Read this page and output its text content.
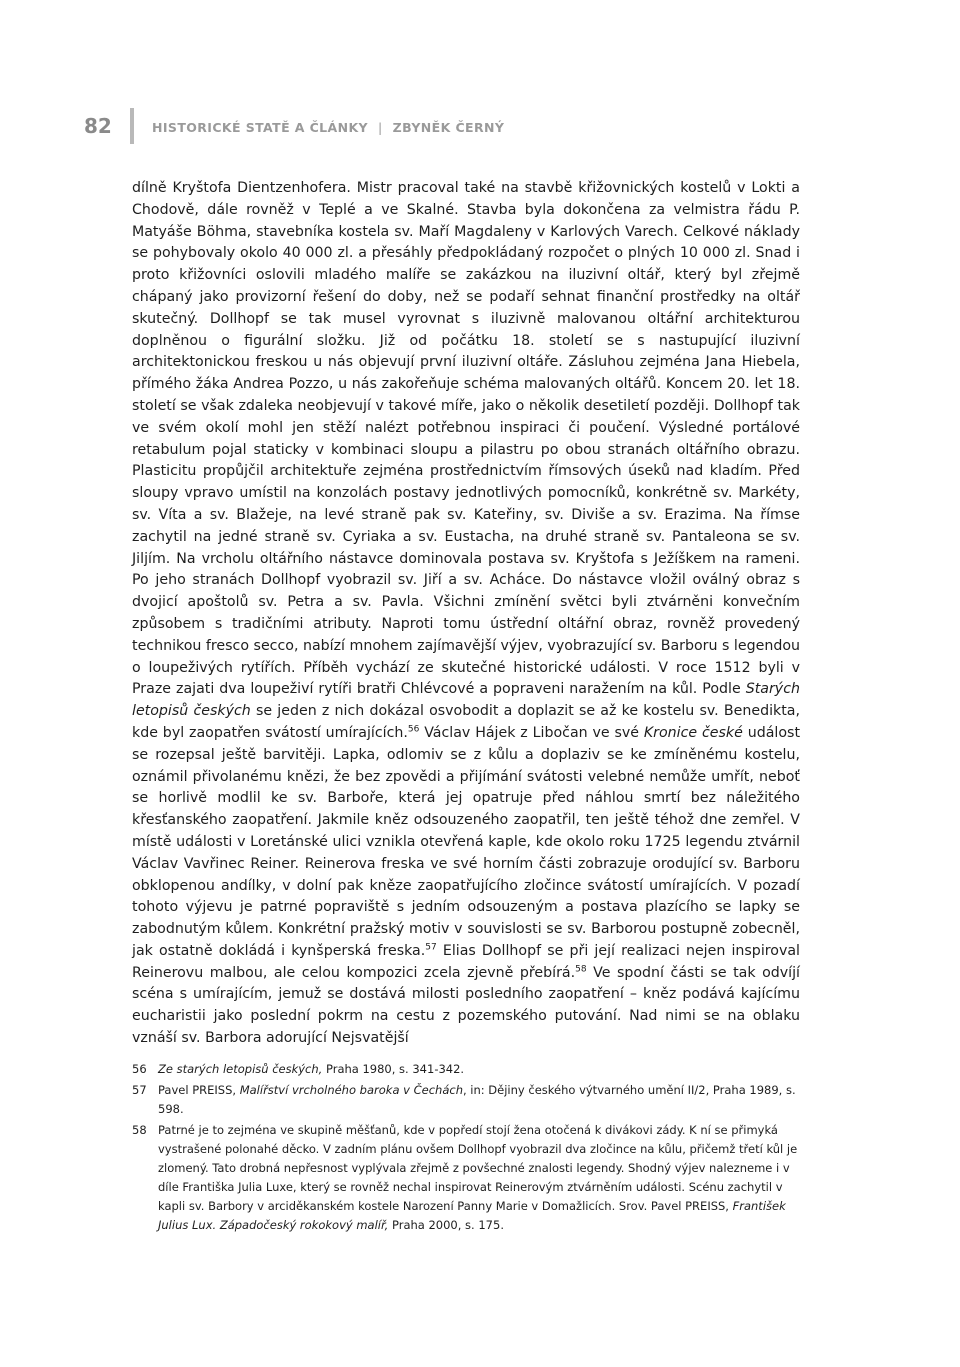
82	HISTORICKÉ STATĚ A ČLÁNKY | ZBYNĚK ČERNÝ

dílně Kryštofa Dientzenhofera. Mistr pracoval také na stavbě křižovnických kostelů v Lokti a Chodově, dále rovněž v Teplé a ve Skalné. Stavba byla dokončena za velmistra řádu P. Matyáše Böhma, stavebníka kostela sv. Maří Magdaleny v Karlových Varech. Celkové náklady se pohybovaly okolo 40 000 zl. a přesáhly předpokládaný rozpočet o plných 10 000 zl. Snad i proto křižovníci oslovili mladého malíře se zakázkou na iluzivní oltář, který byl zřejmě chápaný jako provizorní řešení do doby, než se podaří sehnat finanční prostředky na oltář skutečný. Dollhopf se tak musel vyrovnat s iluzivně malovanou oltářní architekturou doplněnou o figurální složku. Již od počátku 18. století se s nastupující iluzivní architektonickou freskou u nás objevují první iluzivní oltáře. Zásluhou zejména Jana Hiebela, přímého žáka Andrea Pozzo, u nás zakořeňuje schéma malovaných oltářů. Koncem 20. let 18. století se však zdaleka neobjevují v takové míře, jako o několik desetiletí později. Dollhopf tak ve svém okolí mohl jen stěží nalézt potřebnou inspiraci či poučení. Výsledné portálové retabulum pojal staticky v kombinaci sloupu a pilastru po obou stranách oltářního obrazu. Plasticitu propůjčil architektuře zejména prostřednictvím římsových úseků nad kladím. Před sloupy vpravo umístil na konzolách postavy jednotlivých pomocníků, konkrétně sv. Markéty, sv. Víta a sv. Blažeje, na levé straně pak sv. Kateřiny, sv. Diviše a sv. Erazima. Na římse zachytil na jedné straně sv. Cyriaka a sv. Eustacha, na druhé straně sv. Pantaleona se sv. Jiljím. Na vrcholu oltářního nástavce dominovala postava sv. Kryštofa s Ježíškem na rameni. Po jeho stranách Dollhopf vyobrazil sv. Jiří a sv. Acháce. Do nástavce vložil oválný obraz s dvojicí apoštolů sv. Petra a sv. Pavla. Všichni zmínění světci byli ztvárněni konvečním způsobem s tradičními atributy. Naproti tomu ústřední oltářní obraz, rovněž provedený technikou fresco secco, nabízí mnohem zajímavější výjev, vyobrazující sv. Barboru s legendou o loupeživých rytířích. Příběh vychází ze skutečné historické události. V roce 1512 byli v Praze zajati dva loupeživí rytíři bratři Chlévcové a popraveni naražením na kůl. Podle Starých letopisů českých se jeden z nich dokázal osvobodit a doplazit se až ke kostelu sv. Benedikta, kde byl zaopatřen svátostí umírajících.$^{56}$ Václav Hájek z Libočan ve své Kronice české událost se rozepsal ještě barvitěji. Lapka, odlomiv se z kůlu a doplaziv se ke zmíněnému kostelu, oznámil přivolanému knězi, že bez zpovědi a přijímání svátosti velebné nemůže umřít, neboť se horlivě modlil ke sv. Barboře, která jej opatruje před náhlou smrtí bez náležitého křesťanského zaopatření. Jakmile kněz odsouzeného zaopatřil, ten ještě téhož dne zemřel. V místě události v Loretánské ulici vznikla otevřená kaple, kde okolo roku 1725 legendu ztvárnil Václav Vavřinec Reiner. Reinerova freska ve své horním části zobrazuje orodující sv. Barboru obklopenou andílky, v dolní pak kněze zaopatřujícího zločince svátostí umírajících. V pozadí tohoto výjevu je patrné popraviště s jedním odsouzeným a postava plazícího se lapky se zabodnutým kůlem. Konkrétní pražský motiv v souvislosti se sv. Barborou postupně zobecněl, jak ostatně dokládá i kynšperská freska.$^{57}$ Elias Dollhopf se při její realizaci nejen inspiroval Reinerovu malbou, ale celou kompozici zcela zjevně přebírá.$^{58}$ Ve spodní části se tak odvíjí scéna s umírajícím, jemuž se dostává milosti posledního zaopatření – kněz podává kajícímu eucharistii jako poslední pokrm na cestu z pozemského putování. Nad nimi se na oblaku vznáší sv. Barbora adorující Nejsvatější

56 Ze starých letopisů českých, Praha 1980, s. 341-342.
57 Pavel PREISS, Malířství vrcholného baroka v Čechách, in: Dějiny českého výtvarného umění II/2, Praha 1989, s. 598.
58 Patrné je to zejména ve skupině měšťanů, kde v popředí stojí žena otočená k divákovi zády. K ní se přimyká vystrašené polonahé děcko. V zadním plánu ovšem Dollhopf vyobrazil dva zločince na kůlu, přičemž třetí kůl je zlomený. Tato drobná nepřesnost vyplývala zřejmě z povšechné znalosti legendy. Shodný výjev nalezneme i v díle Františka Julia Luxe, který se rovněž nechal inspirovat Reinerovým ztvárněním události. Scénu zachytil v kapli sv. Barbory v arciděkanském kostele Narození Panny Marie v Domažlicích. Srov. Pavel PREISS, František Julius Lux. Západočeský rokokový malíř, Praha 2000, s. 175.
